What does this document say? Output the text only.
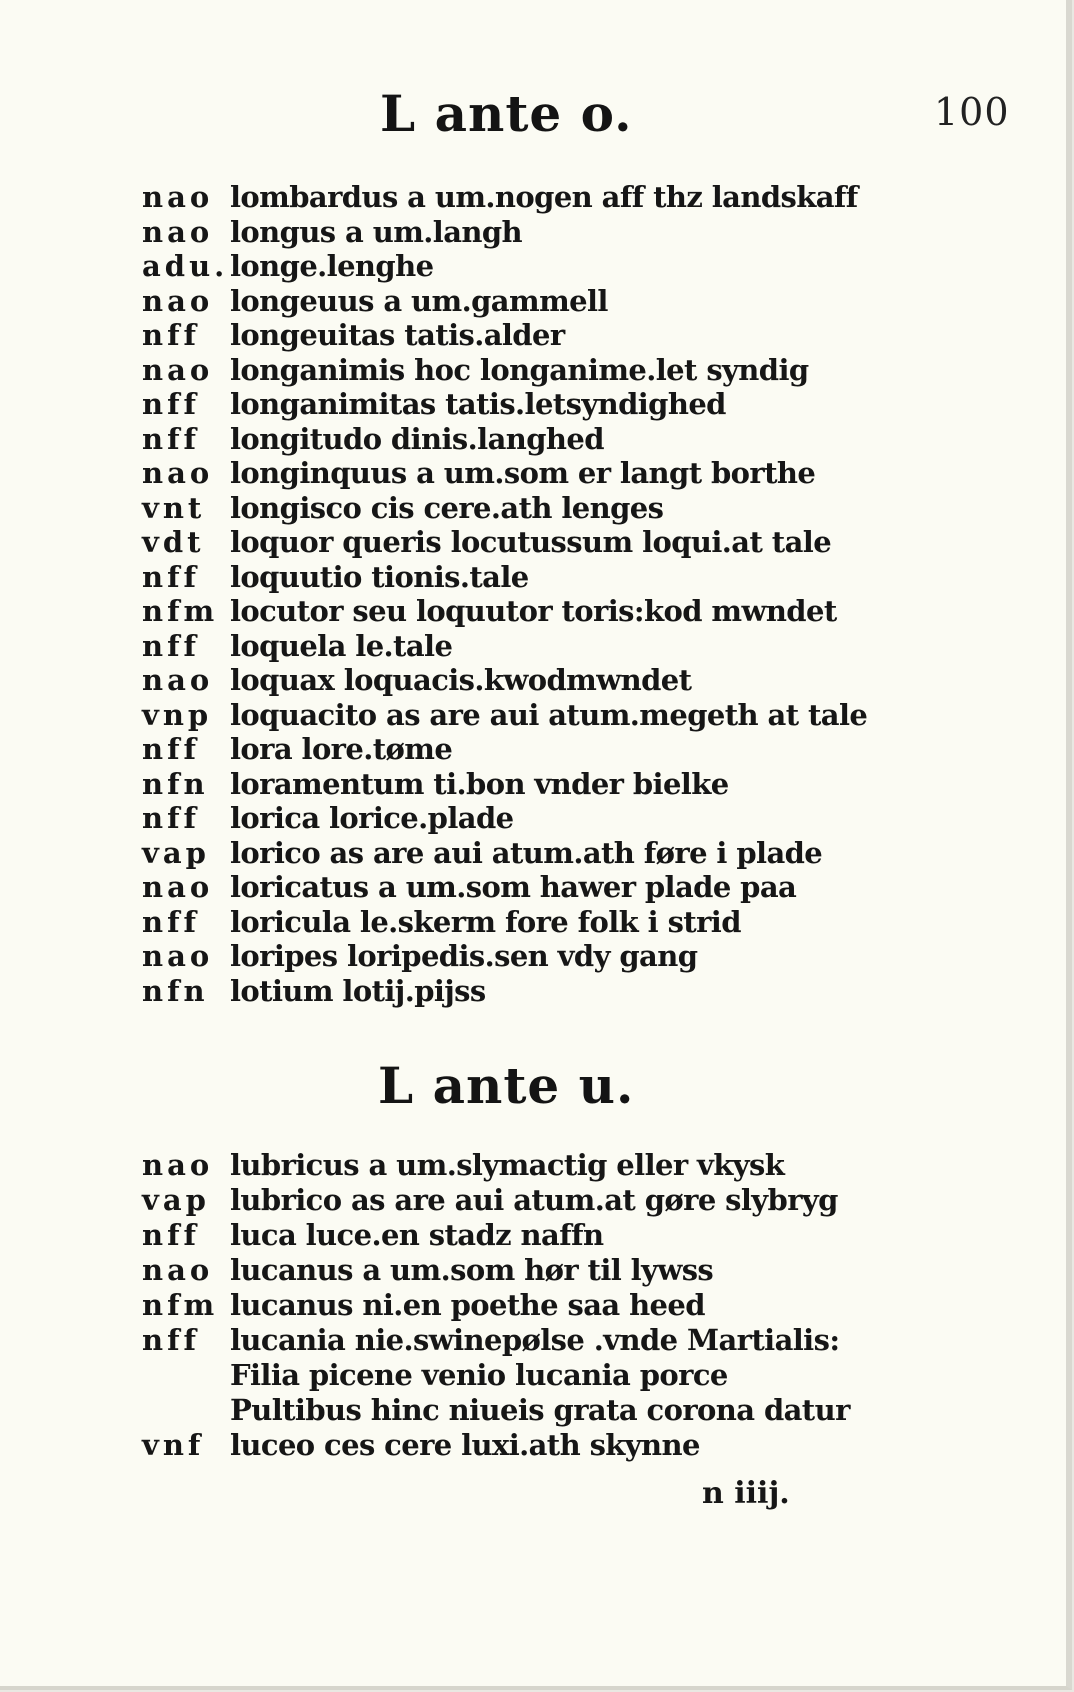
100
L ante o.
nao lombardus a um.nogen aff thz landskaff
nao longus a um.langh
adu. longe.lenghe
nao longeuus a um.gammell
nff longeuitas tatis.alder
nao longanimis hoc longanime.let syndig
nff longanimitas tatis.letsyndighed
nff longitudo dinis.langhed
nao longinquus a um.som er langt borthe
vnt longisco cis cere.ath lenges
vdt loquor queris locutussum loqui.at tale
nff loquutio tionis.tale
nfm locutor seu loquutor toris:kod mwndet
nff loquela le.tale
nao loquax loquacis.kwodmwndet
vnp loquacito as are aui atum.megeth at tale
nff lora lore.tøme
nfn loramentum ti.bon vnder bielke
nff lorica lorice.plade
vap lorico as are aui atum.ath føre i plade
nao loricatus a um.som hawer plade paa
nff loricula le.skerm fore folk i strid
nao loripes loripedis.sen vdy gang
nfn lotium lotij.pijss
L ante u.
nao lubricus a um.slymactig eller vkysk
vap lubrico as are aui atum.at gøre slybryg
nff luca luce.en stadz naffn
nao lucanus a um.som hør til lywss
nfm lucanus ni.en poethe saa heed
nff lucania nie.swinepølse .vnde Martialis:
Filia picene venio lucania porce
Pultibus hinc niueis grata corona datur
vnf luceo ces cere luxi.ath skynne
n iiij.
